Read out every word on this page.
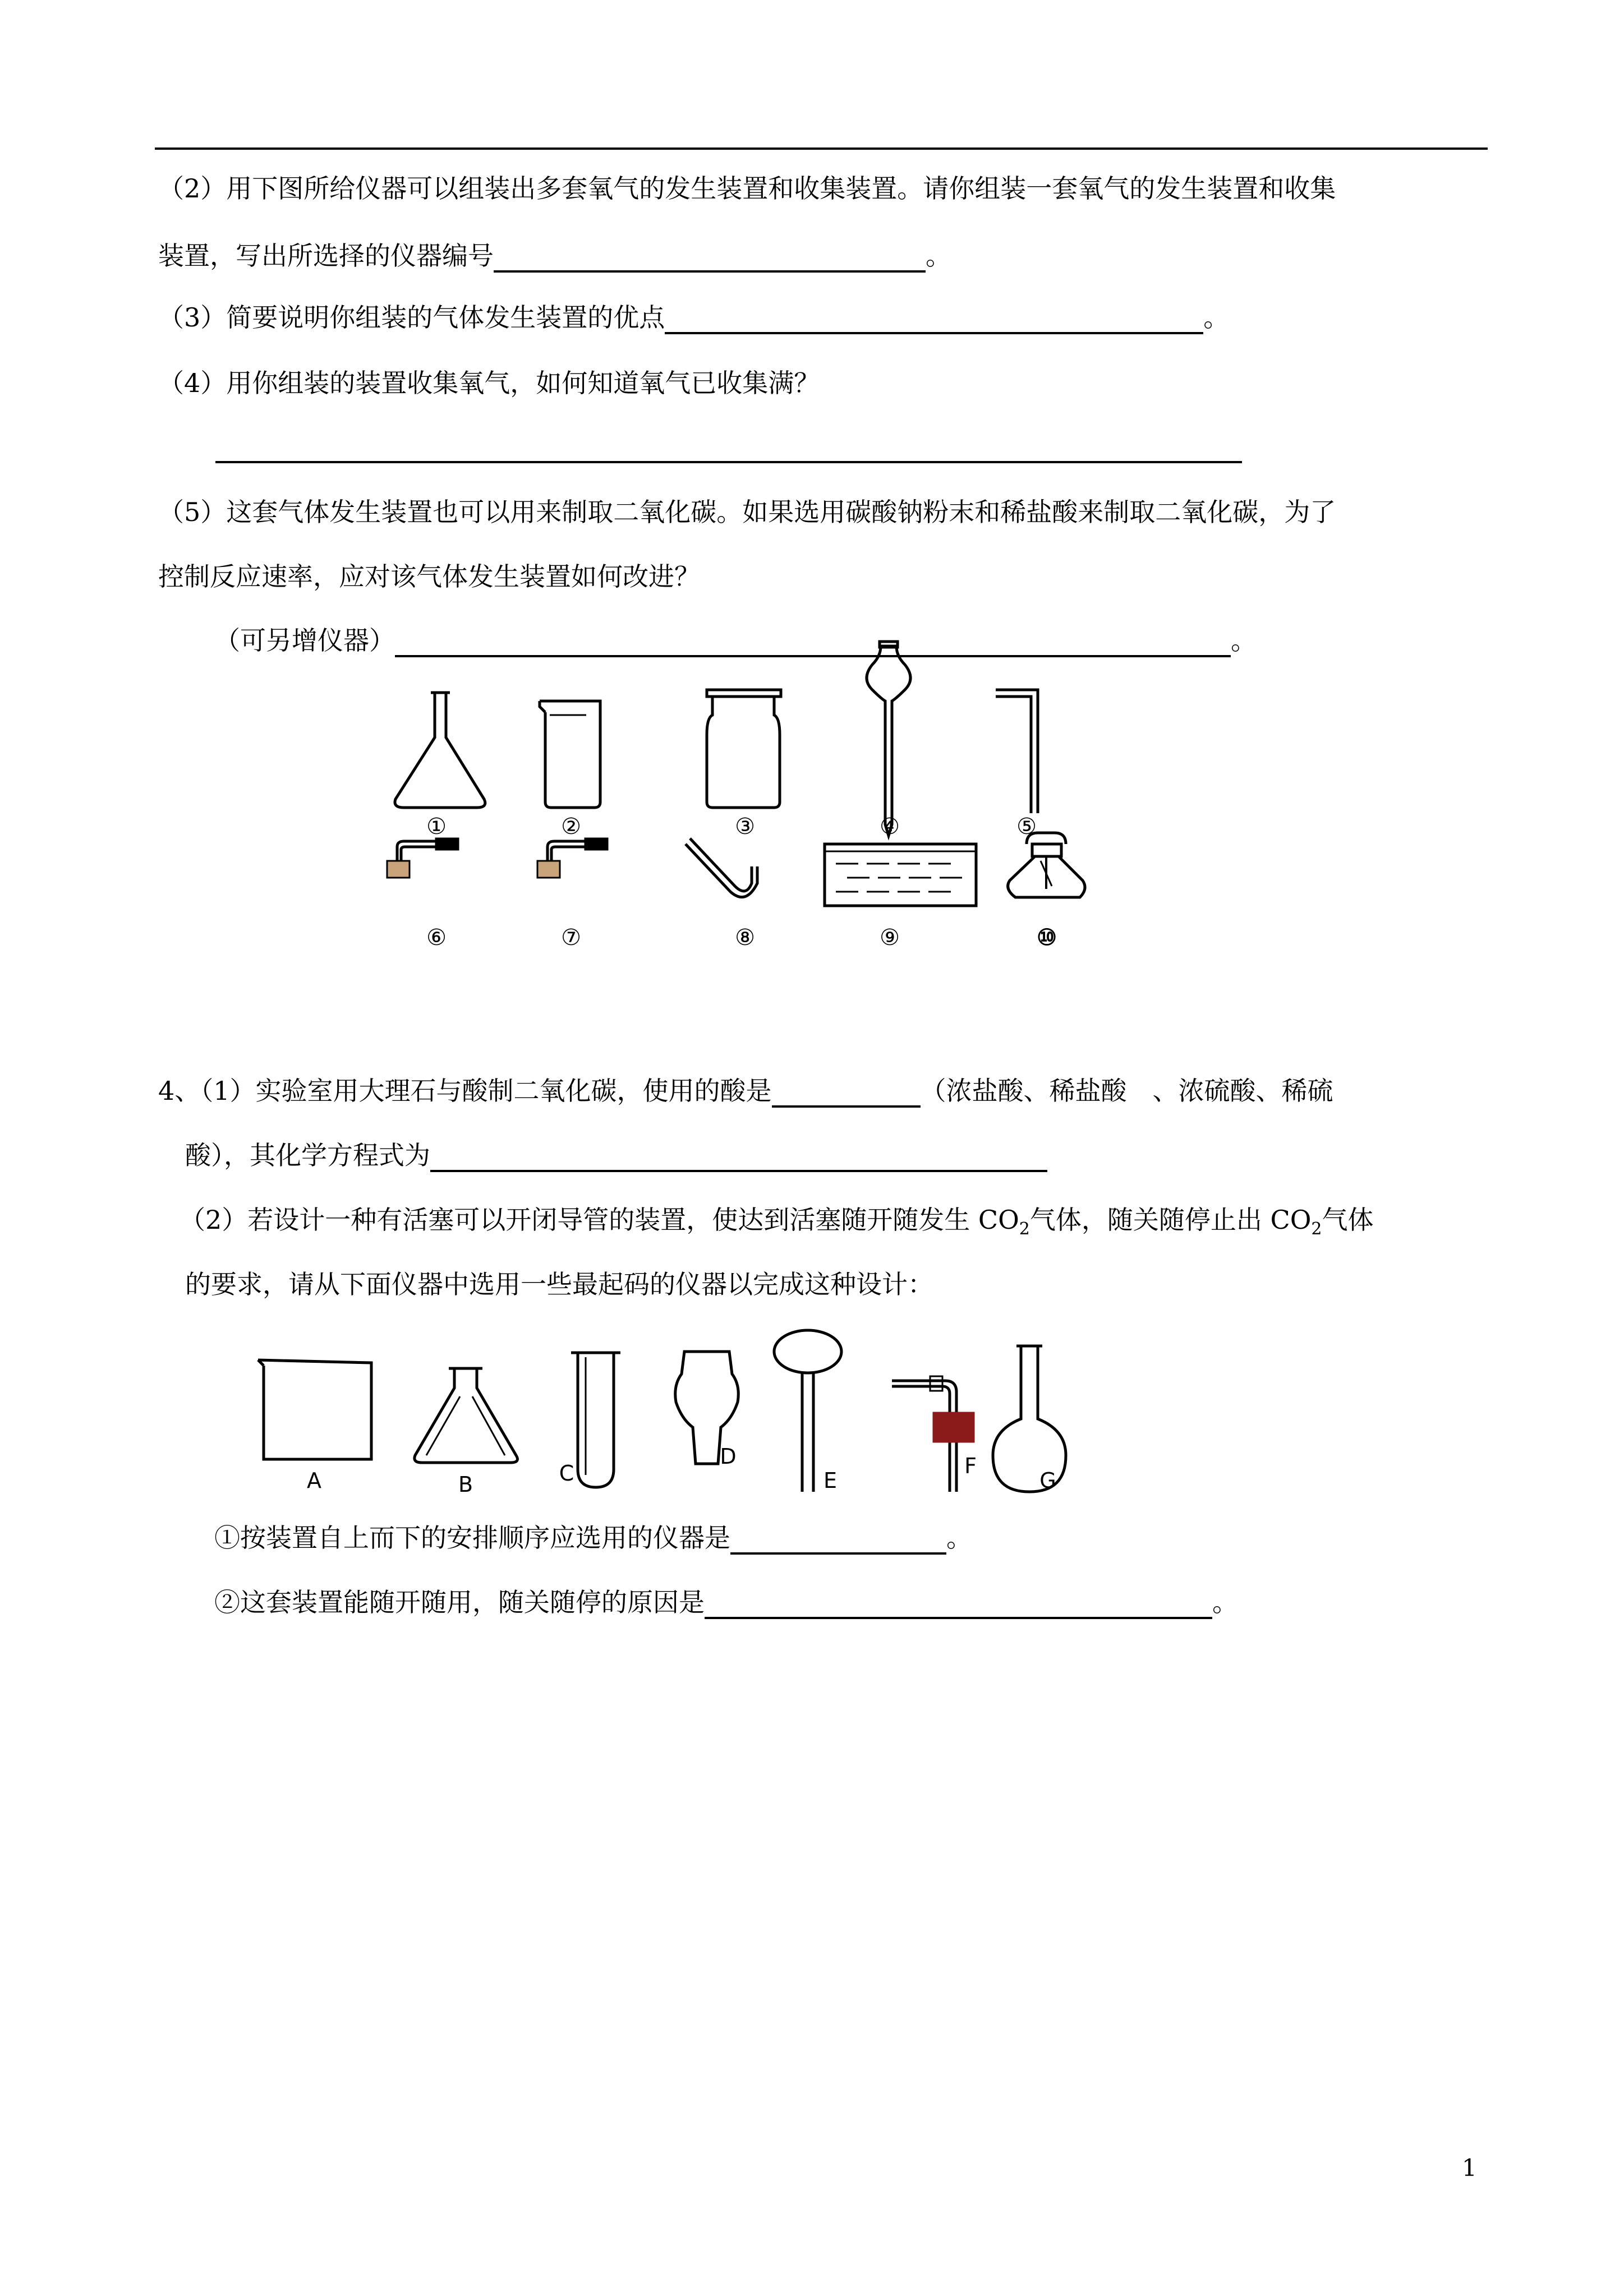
（2）用下图所给仪器可以组装出多套氧气的发生装置和收集装置。请你组装一套氧气的发生装置和收集
装置，写出所选择的仪器编号	。
（3）简要说明你组装的气体发生装置的优点	。
（4）用你组装的装置收集氧气，如何知道氧气已收集满？
（5）这套气体发生装置也可以用来制取二氧化碳。如果选用碳酸钠粉末和稀盐酸来制取二氧化碳，为了
控制反应速率，应对该气体发生装置如何改进？
（可另增仪器）	。
①	②	③	④	⑤
⑥	⑦	⑧	⑨	⑩
4、（1）实验室用大理石与酸制二氧化碳，使用的酸是	（浓盐酸、稀盐酸　、浓硫酸、稀硫
酸），其化学方程式为
（2）若设计一种有活塞可以开闭导管的装置，使达到活塞随开随发生 $CO_2$气体，随关随停止出 $CO_2$气体
的要求，请从下面仪器中选用一些最起码的仪器以完成这种设计：
A	B	C
D
E
F
G
①按装置自上而下的安排顺序应选用的仪器是	。
②这套装置能随开随用，随关随停的原因是	。
1
